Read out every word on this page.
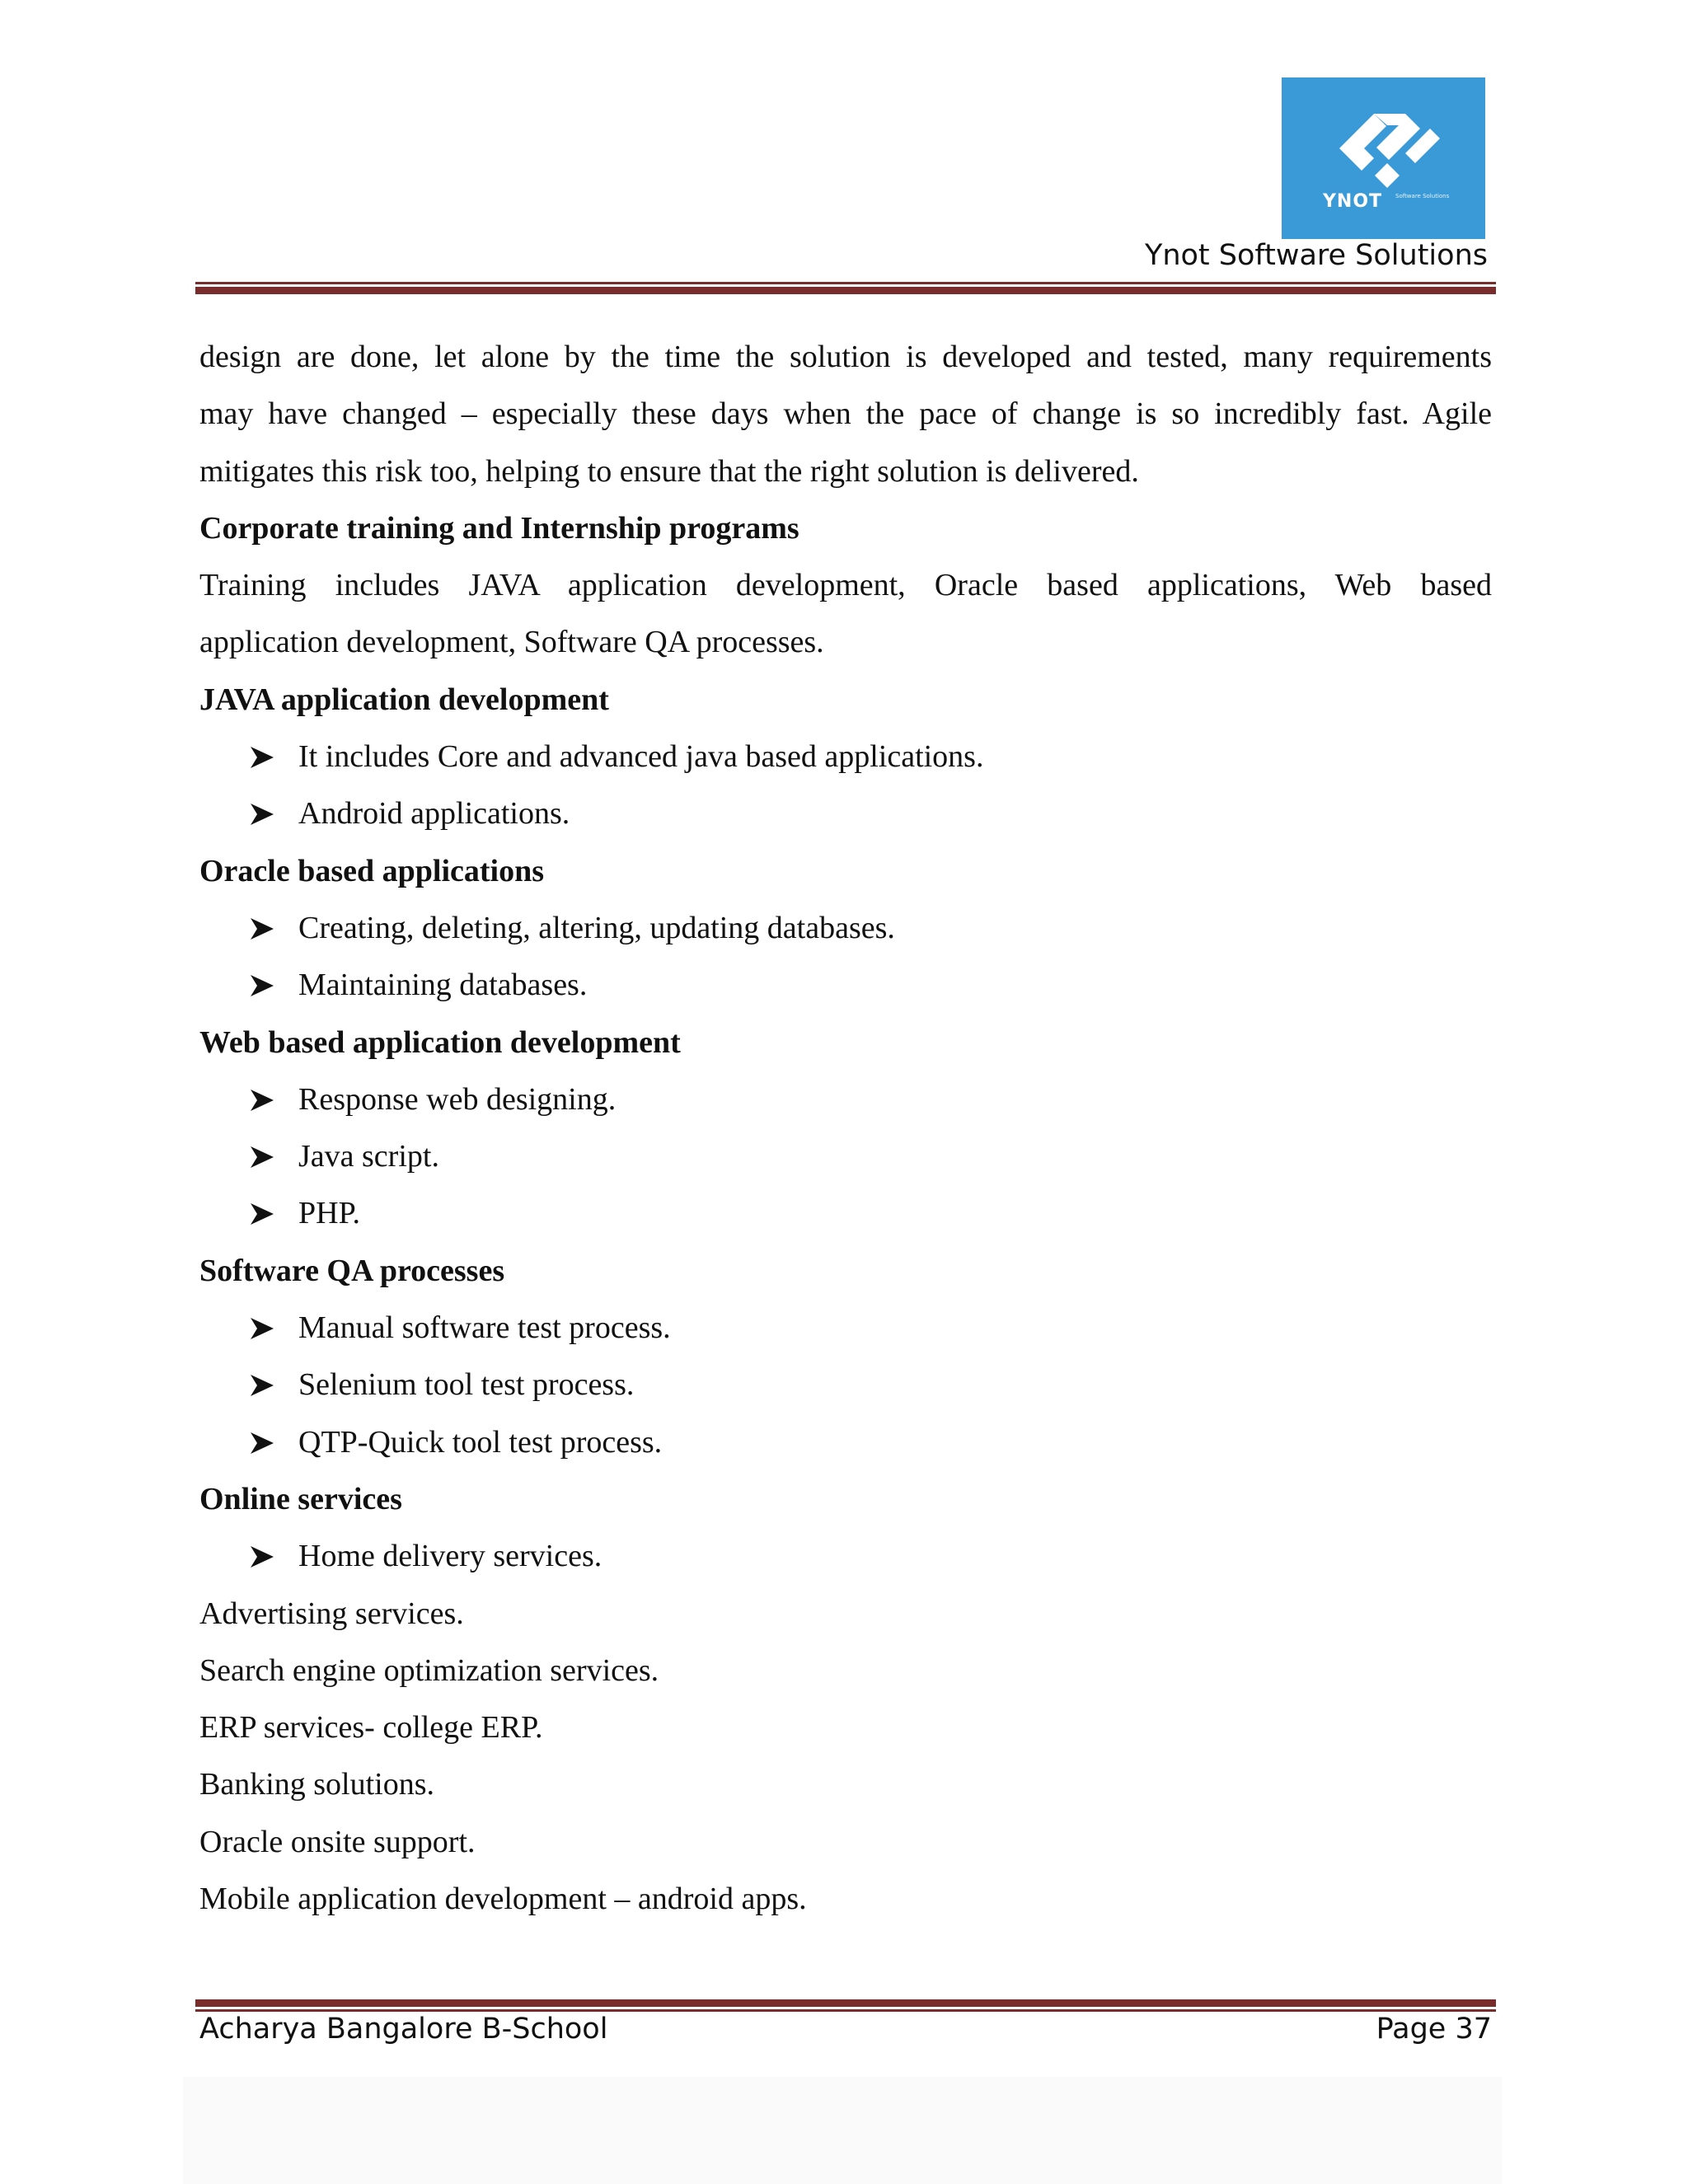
YNOT Software Solutions
Ynot Software Solutions

design are done, let alone by the time the solution is developed and tested, many requirements

may have changed – especially these days when the pace of change is so incredibly fast. Agile

mitigates this risk too, helping to ensure that the right solution is delivered.

Corporate training and Internship programs

Training includes JAVA application development, Oracle based applications, Web based

application development, Software QA processes.

JAVA application development

It includes Core and advanced java based applications.
Android applications.

Oracle based applications

Creating, deleting, altering, updating databases.
Maintaining databases.

Web based application development

Response web designing.
Java script.
PHP.

Software QA processes

Manual software test process.
Selenium tool test process.
QTP-Quick tool test process.

Online services

Home delivery services.

Advertising services.

Search engine optimization services.

ERP services- college ERP.

Banking solutions.

Oracle onsite support.

Mobile application development – android apps.

Acharya Bangalore B-School	Page 37
